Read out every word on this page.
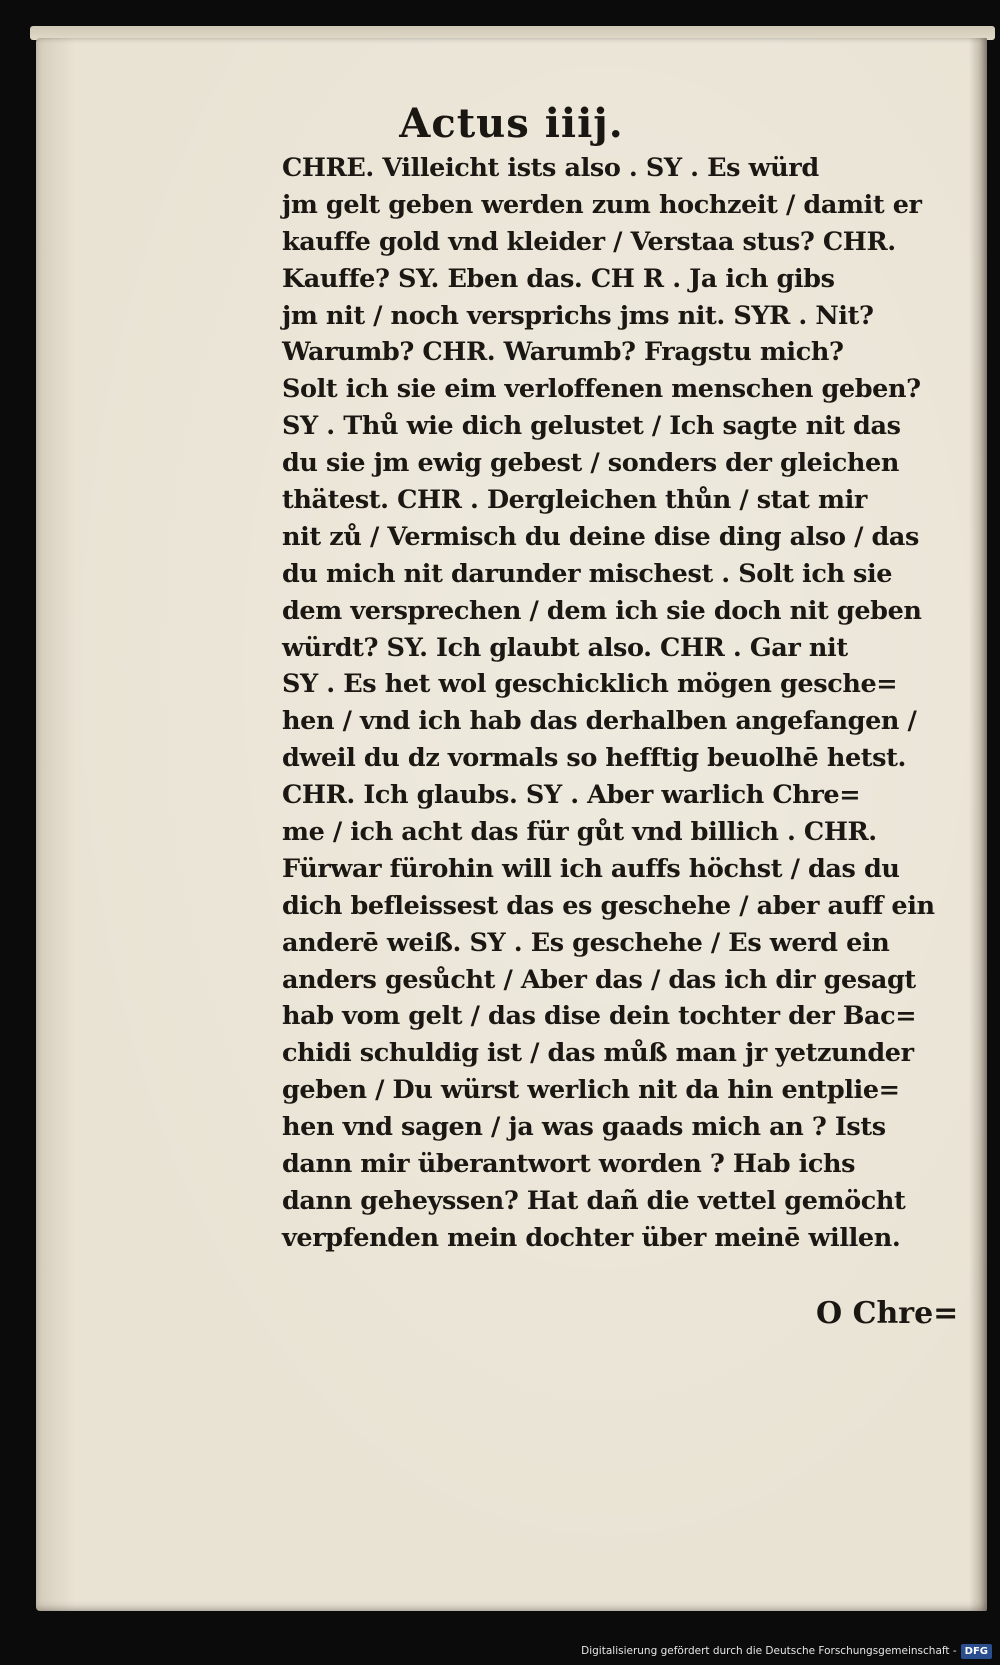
Actus iiij.
CHRE. Villeicht ists also . SY . Es würd
jm gelt geben werden zum hochzeit / damit er
kauffe gold vnd kleider / Verstaa stus? CHR.
Kauffe? SY. Eben das. CH R . Ja ich gibs
jm nit / noch versprichs jms nit. SYR . Nit?
Warumb? CHR. Warumb? Fragstu mich?
Solt ich sie eim verloffenen menschen geben?
SY . Thů wie dich gelustet / Ich sagte nit das
du sie jm ewig gebest / sonders der gleichen
thätest. CHR . Dergleichen thůn / stat mir
nit zů / Vermisch du deine dise ding also / das
du mich nit darunder mischest . Solt ich sie
dem versprechen / dem ich sie doch nit geben
würdt? SY. Ich glaubt also. CHR . Gar nit
SY . Es het wol geschicklich mögen gesche=
hen / vnd ich hab das derhalben angefangen /
dweil du dz vormals so hefftig beuolhē hetst.
CHR. Ich glaubs. SY . Aber warlich Chre=
me / ich acht das für gůt vnd billich . CHR.
Fürwar fürohin will ich auffs höchst / das du
dich befleissest das es geschehe / aber auff ein
anderē weiß. SY . Es geschehe / Es werd ein
anders gesůcht / Aber das / das ich dir gesagt
hab vom gelt / das dise dein tochter der Bac=
chidi schuldig ist / das můß man jr yetzunder
geben / Du würst werlich nit da hin entplie=
hen vnd sagen / ja was gaads mich an ? Ists
dann mir überantwort worden ? Hab ichs
dann geheyssen? Hat dañ die vettel gemöcht
verpfenden mein dochter über meinē willen.
O Chre=
Digitalisierung gefördert durch die Deutsche Forschungsgemeinschaft - DFG
